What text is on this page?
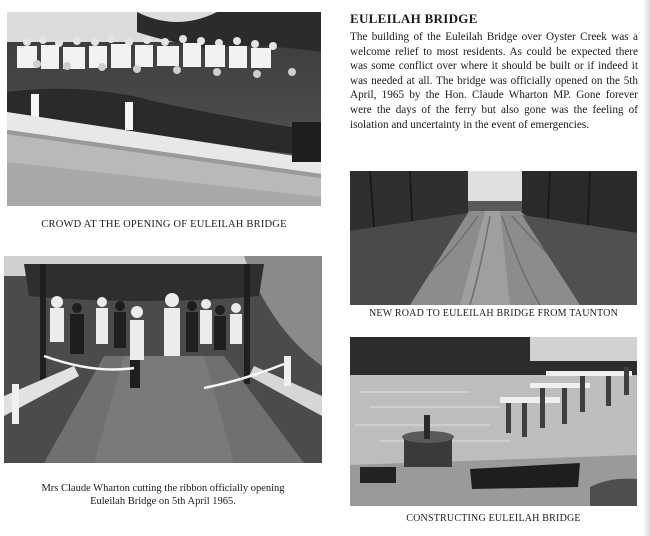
CROWD AT THE OPENING OF EULEILAH BRIDGE
Mrs Claude Wharton cutting the ribbon officially opening
Euleilah Bridge on 5th April 1965.
EULEILAH BRIDGE

The building of the Euleilah Bridge over Oyster Creek was a welcome relief to most residents. As could be expected there was some conflict over where it should be built or if indeed it was needed at all. The bridge was officially opened on the 5th April, 1965 by the Hon. Claude Wharton MP. Gone forever were the days of the ferry but also gone was the feeling of isolation and uncertainty in the event of emergencies.

NEW ROAD TO EULEILAH BRIDGE FROM TAUNTON
CONSTRUCTING EULEILAH BRIDGE
